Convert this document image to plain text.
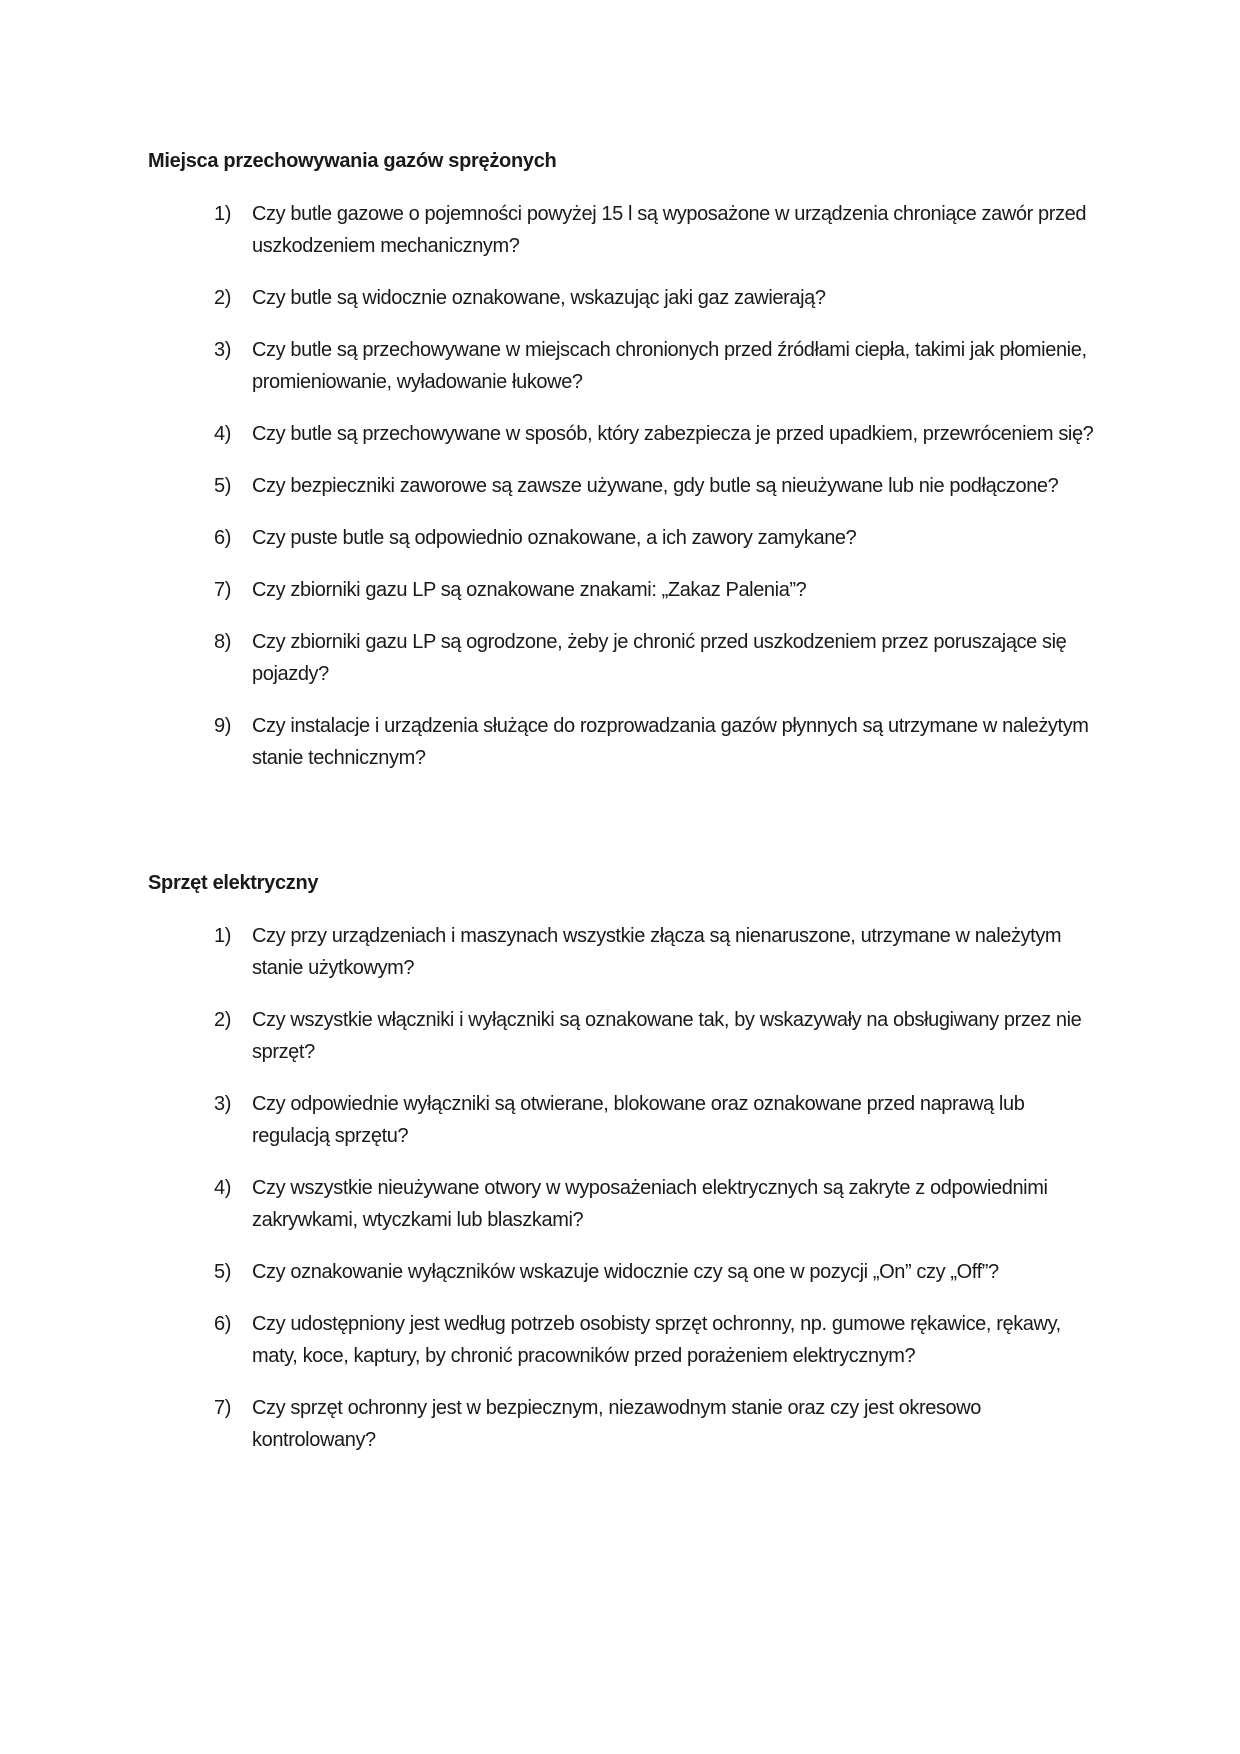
Miejsca przechowywania gazów sprężonych
1) Czy butle gazowe o pojemności powyżej 15 l są wyposażone w urządzenia chroniące zawór przed uszkodzeniem mechanicznym?
2) Czy butle są widocznie oznakowane, wskazując jaki gaz zawierają?
3) Czy butle są przechowywane w miejscach chronionych przed źródłami ciepła, takimi jak płomienie, promieniowanie, wyładowanie łukowe?
4) Czy butle są przechowywane w sposób, który zabezpiecza je przed upadkiem, przewróceniem się?
5) Czy bezpieczniki zaworowe są zawsze używane, gdy butle są nieużywane lub nie podłączone?
6) Czy puste butle są odpowiednio oznakowane, a ich zawory zamykane?
7) Czy zbiorniki gazu LP są oznakowane znakami: „Zakaz Palenia”?
8) Czy zbiorniki gazu LP są ogrodzone, żeby je chronić przed uszkodzeniem przez poruszające się pojazdy?
9) Czy instalacje i urządzenia służące do rozprowadzania gazów płynnych są utrzymane w należytym stanie technicznym?
Sprzęt elektryczny
1) Czy przy urządzeniach i maszynach wszystkie złącza są nienaruszone, utrzymane w należytym stanie użytkowym?
2) Czy wszystkie włączniki i wyłączniki są oznakowane tak, by wskazywały na obsługiwany przez nie sprzęt?
3) Czy odpowiednie wyłączniki są otwierane, blokowane oraz oznakowane przed naprawą lub regulacją sprzętu?
4) Czy wszystkie nieużywane otwory w wyposażeniach elektrycznych są zakryte z odpowiednimi zakrywkami, wtyczkami lub blaszkami?
5) Czy oznakowanie wyłączników wskazuje widocznie czy są one w pozycji „On” czy „Off”?
6) Czy udostępniony jest według potrzeb osobisty sprzęt ochronny, np. gumowe rękawice, rękawy, maty, koce, kaptury, by chronić pracowników przed porażeniem elektrycznym?
7) Czy sprzęt ochronny jest w bezpiecznym, niezawodnym stanie oraz czy jest okresowo kontrolowany?
